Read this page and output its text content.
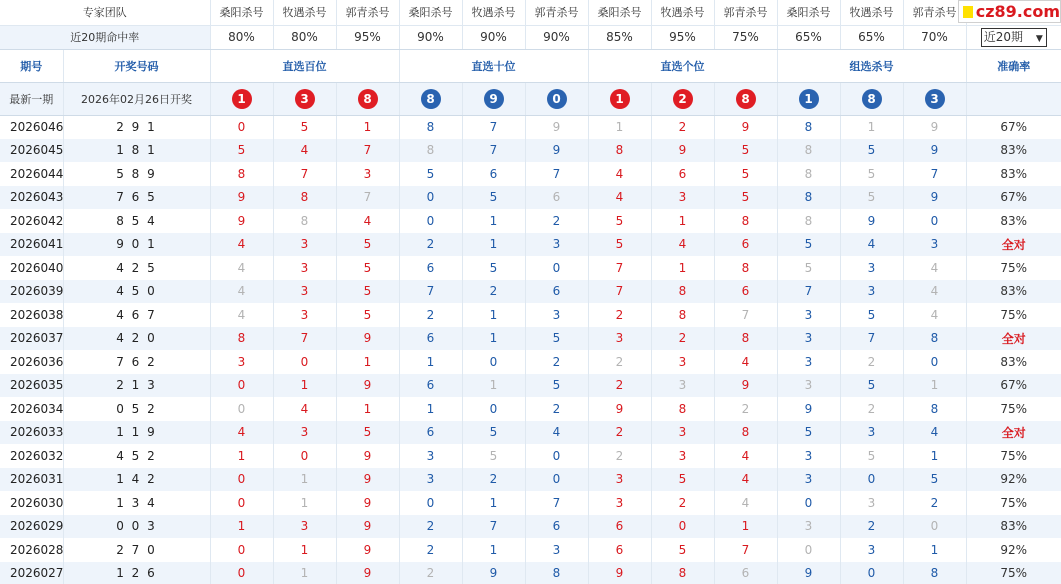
cz89.com
专家团队		桑阳杀号	牧遇杀号	郭青杀号	桑阳杀号	牧遇杀号	郭青杀号	桑阳杀号	牧遇杀号	郭青杀号	桑阳杀号	牧遇杀号	郭青杀号	
近20期命中率		80%	80%	95%	90%	90%	90%	85%	95%	75%	65%	65%	70%	近20期 ▼

期号	开奖号码	直选百位			直选十位			直选个位			组选杀号			准确率
最新一期	2026年02月26日开奖	1	3	8	8	9	0	1	2	8	1	8	3	
2026046	2 9 1	0	5	1	8	7	9	1	2	9	8	1	9	67%
2026045	1 8 1	5	4	7	8	7	9	8	9	5	8	5	9	83%
2026044	5 8 9	8	7	3	5	6	7	4	6	5	8	5	7	83%
2026043	7 6 5	9	8	7	0	5	6	4	3	5	8	5	9	67%
2026042	8 5 4	9	8	4	0	1	2	5	1	8	8	9	0	83%
2026041	9 0 1	4	3	5	2	1	3	5	4	6	5	4	3	全对
2026040	4 2 5	4	3	5	6	5	0	7	1	8	5	3	4	75%
2026039	4 5 0	4	3	5	7	2	6	7	8	6	7	3	4	83%
2026038	4 6 7	4	3	5	2	1	3	2	8	7	3	5	4	75%
2026037	4 2 0	8	7	9	6	1	5	3	2	8	3	7	8	全对
2026036	7 6 2	3	0	1	1	0	2	2	3	4	3	2	0	83%
2026035	2 1 3	0	1	9	6	1	5	2	3	9	3	5	1	67%
2026034	0 5 2	0	4	1	1	0	2	9	8	2	9	2	8	75%
2026033	1 1 9	4	3	5	6	5	4	2	3	8	5	3	4	全对
2026032	4 5 2	1	0	9	3	5	0	2	3	4	3	5	1	75%
2026031	1 4 2	0	1	9	3	2	0	3	5	4	3	0	5	92%
2026030	1 3 4	0	1	9	0	1	7	3	2	4	0	3	2	75%
2026029	0 0 3	1	3	9	2	7	6	6	0	1	3	2	0	83%
2026028	2 7 0	0	1	9	2	1	3	6	5	7	0	3	1	92%
2026027	1 2 6	0	1	9	2	9	8	9	8	6	9	0	8	75%
